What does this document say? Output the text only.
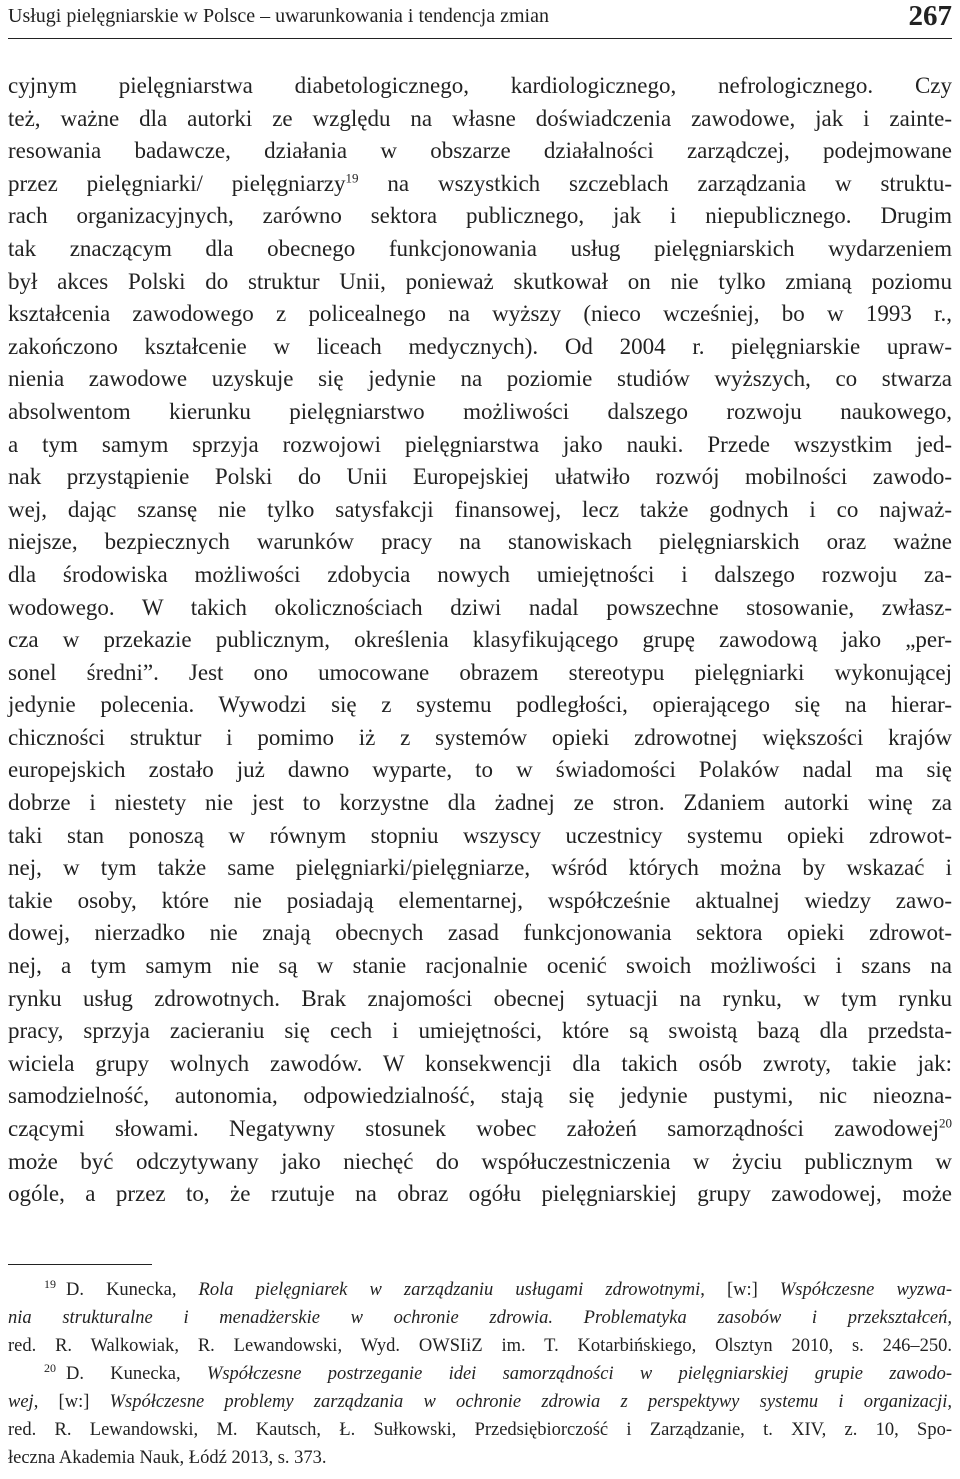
Usługi pielęgniarskie w Polsce – uwarunkowania i tendencja zmian	267
cyjnym pielęgniarstwa diabetologicznego, kardiologicznego, nefrologicznego. Czy
też, ważne dla autorki ze względu na własne doświadczenia zawodowe, jak i zainte-
resowania badawcze, działania w obszarze działalności zarządczej, podejmowane
przez pielęgniarki/ pielęgniarzy$^{19}$ na wszystkich szczeblach zarządzania w struktu-
rach organizacyjnych, zarówno sektora publicznego, jak i niepublicznego. Drugim
tak znaczącym dla obecnego funkcjonowania usług pielęgniarskich wydarzeniem
był akces Polski do struktur Unii, ponieważ skutkował on nie tylko zmianą poziomu
kształcenia zawodowego z policealnego na wyższy (nieco wcześniej, bo w 1993 r.,
zakończono kształcenie w liceach medycznych). Od 2004 r. pielęgniarskie upraw-
nienia zawodowe uzyskuje się jedynie na poziomie studiów wyższych, co stwarza
absolwentom kierunku pielęgniarstwo możliwości dalszego rozwoju naukowego,
a tym samym sprzyja rozwojowi pielęgniarstwa jako nauki. Przede wszystkim jed-
nak przystąpienie Polski do Unii Europejskiej ułatwiło rozwój mobilności zawodo-
wej, dając szansę nie tylko satysfakcji finansowej, lecz także godnych i co najważ-
niejsze, bezpiecznych warunków pracy na stanowiskach pielęgniarskich oraz ważne
dla środowiska możliwości zdobycia nowych umiejętności i dalszego rozwoju za-
wodowego. W takich okolicznościach dziwi nadal powszechne stosowanie, zwłasz-
cza w przekazie publicznym, określenia klasyfikującego grupę zawodową jako „per-
sonel średni”. Jest ono umocowane obrazem stereotypu pielęgniarki wykonującej
jedynie polecenia. Wywodzi się z systemu podległości, opierającego się na hierar-
chiczności struktur i pomimo iż z systemów opieki zdrowotnej większości krajów
europejskich zostało już dawno wyparte, to w świadomości Polaków nadal ma się
dobrze i niestety nie jest to korzystne dla żadnej ze stron. Zdaniem autorki winę za
taki stan ponoszą w równym stopniu wszyscy uczestnicy systemu opieki zdrowot-
nej, w tym także same pielęgniarki/pielęgniarze, wśród których można by wskazać i
takie osoby, które nie posiadają elementarnej, współcześnie aktualnej wiedzy zawo-
dowej, nierzadko nie znają obecnych zasad funkcjonowania sektora opieki zdrowot-
nej, a tym samym nie są w stanie racjonalnie ocenić swoich możliwości i szans na
rynku usług zdrowotnych. Brak znajomości obecnej sytuacji na rynku, w tym rynku
pracy, sprzyja zacieraniu się cech i umiejętności, które są swoistą bazą dla przedsta-
wiciela grupy wolnych zawodów. W konsekwencji dla takich osób zwroty, takie jak:
samodzielność, autonomia, odpowiedzialność, stają się jedynie pustymi, nic nieozna-
czącymi słowami. Negatywny stosunek wobec założeń samorządności zawodowej$^{20}$
może być odczytywany jako niechęć do współuczestniczenia w życiu publicznym w
ogóle, a przez to, że rzutuje na obraz ogółu pielęgniarskiej grupy zawodowej, może
$^{19}$ D. Kunecka, Rola pielęgniarek w zarządzaniu usługami zdrowotnymi, [w:] Współczesne wyzwa-
nia strukturalne i menadżerskie w ochronie zdrowia. Problematyka zasobów i przekształceń,
red. R. Walkowiak, R. Lewandowski, Wyd. OWSIiZ im. T. Kotarbińskiego, Olsztyn 2010, s. 246–250.
$^{20}$ D. Kunecka, Współczesne postrzeganie idei samorządności w pielęgniarskiej grupie zawodo-
wej, [w:] Współczesne problemy zarządzania w ochronie zdrowia z perspektywy systemu i organizacji,
red. R. Lewandowski, M. Kautsch, Ł. Sułkowski, Przedsiębiorczość i Zarządzanie, t. XIV, z. 10, Spo-
łeczna Akademia Nauk, Łódź 2013, s. 373.
